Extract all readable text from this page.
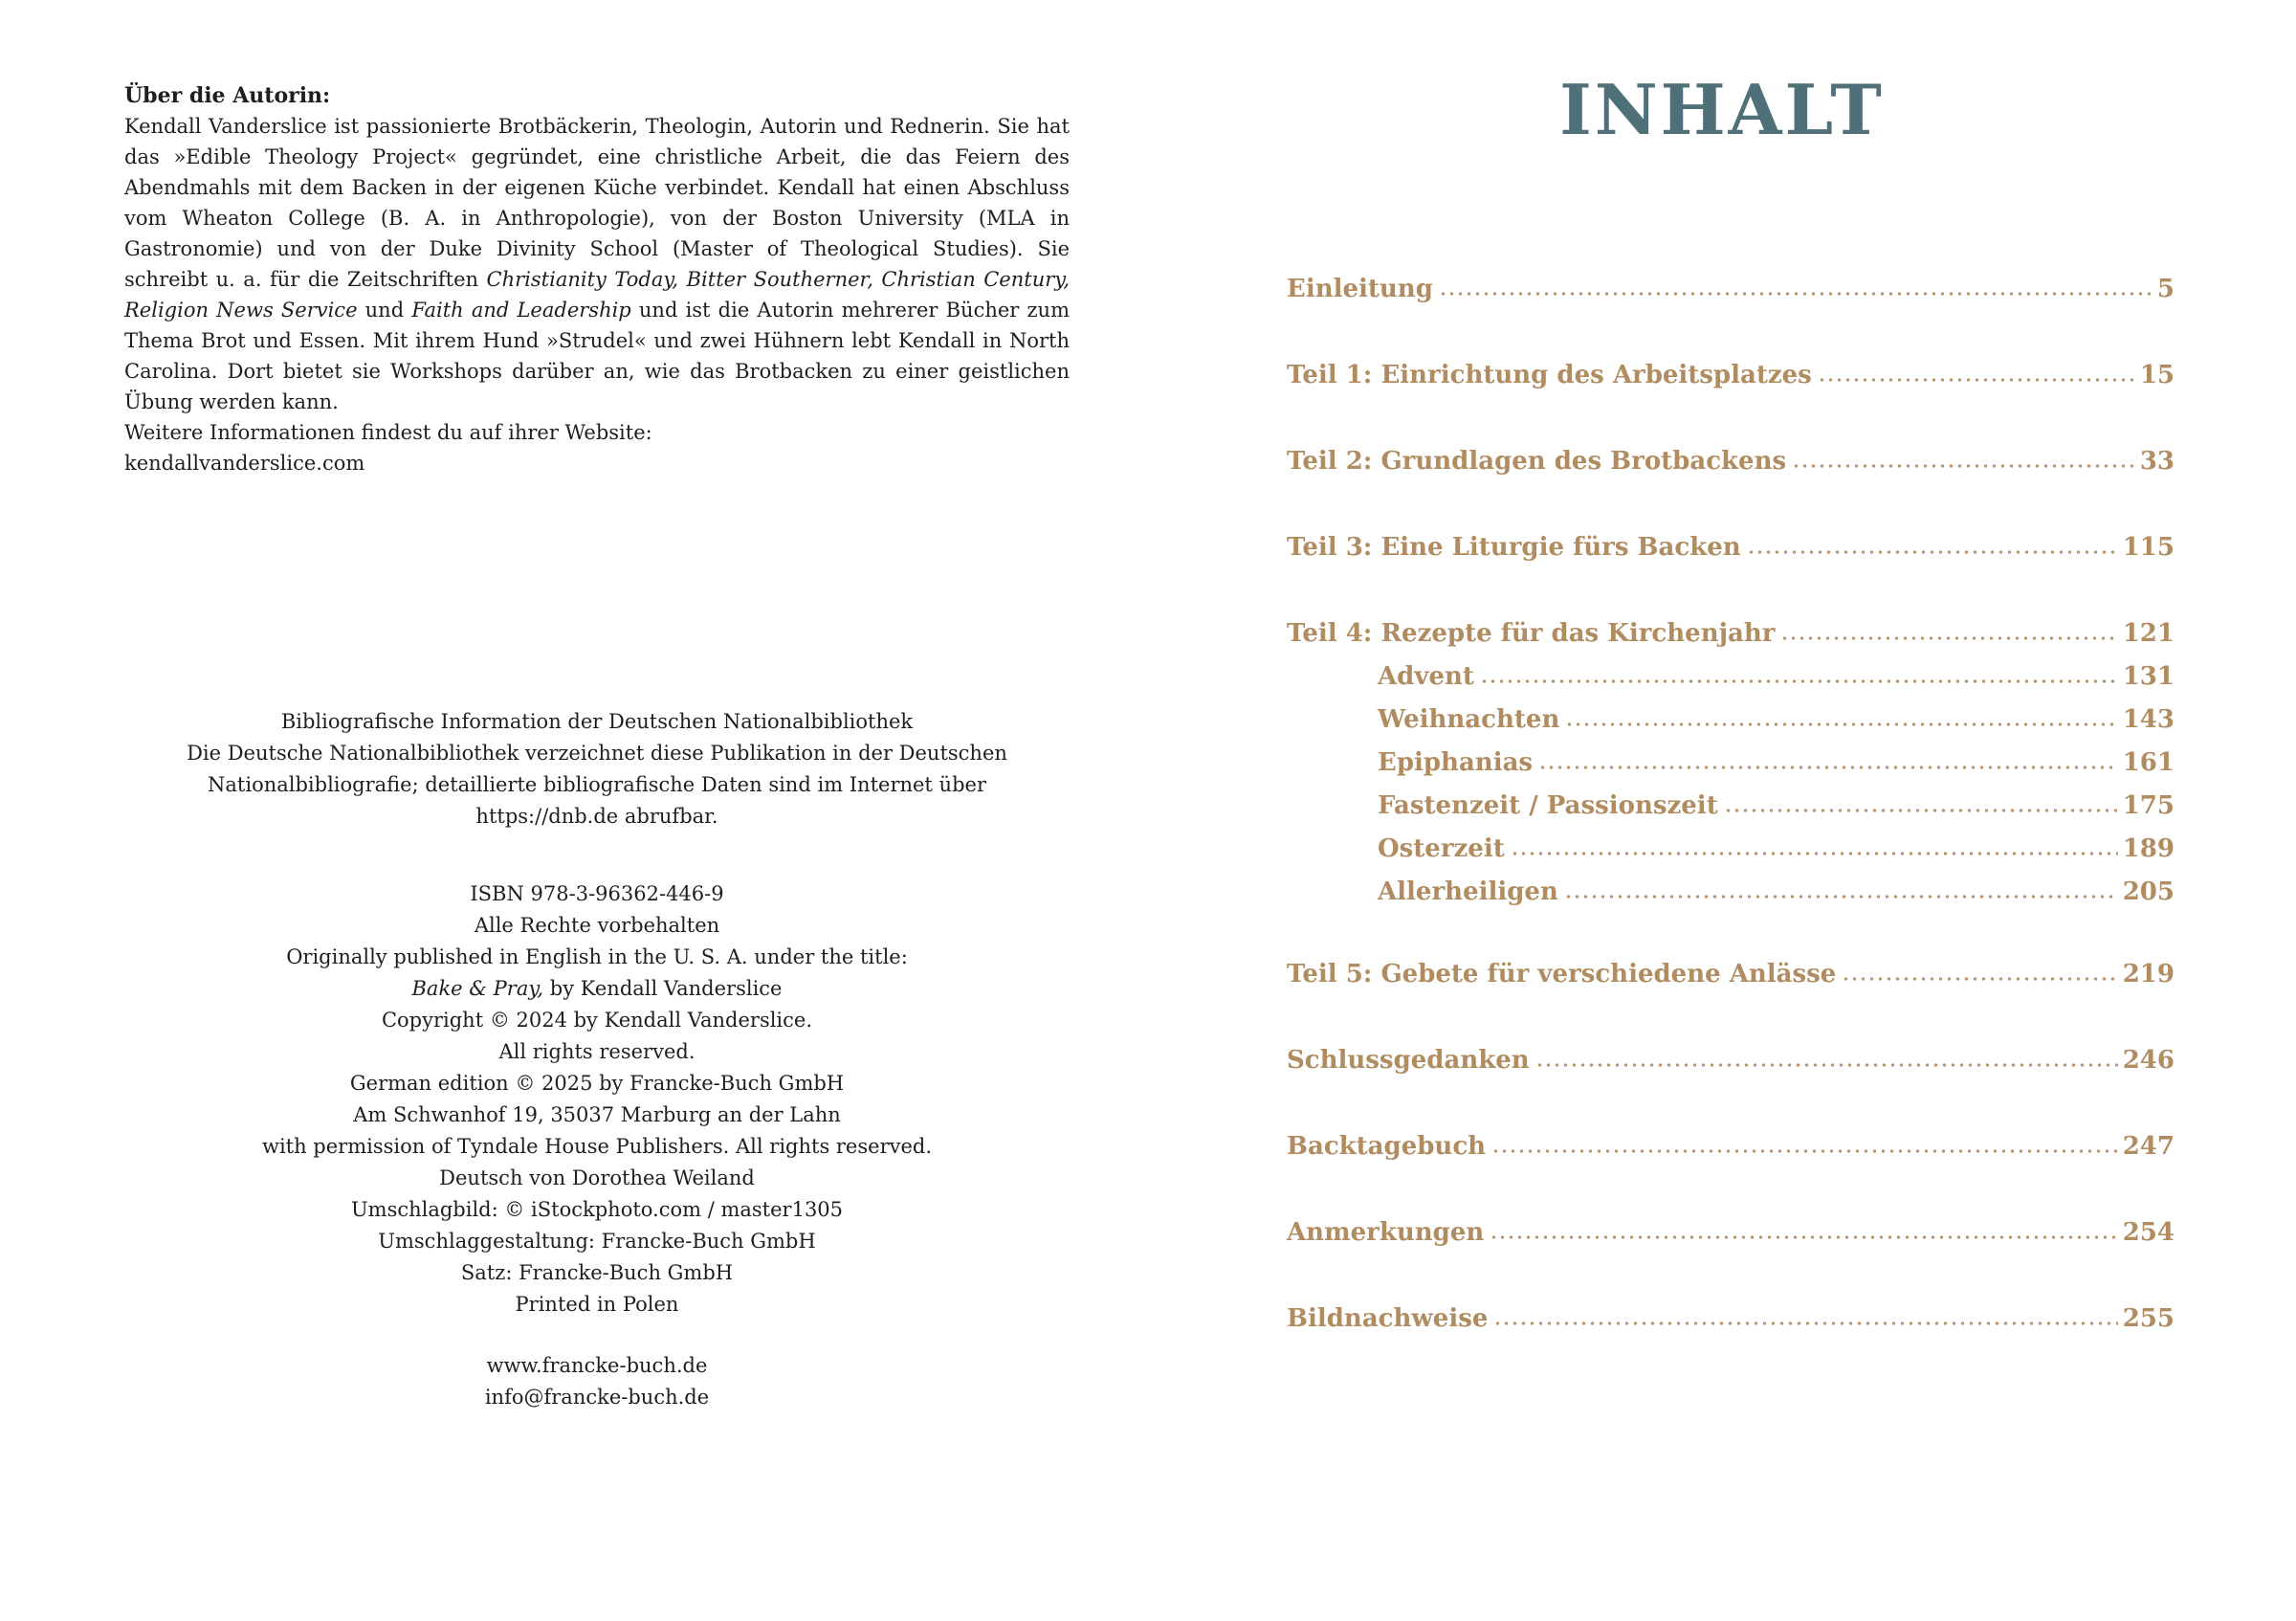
Über die Autorin:
Kendall Vanderslice ist passionierte Brotbäckerin, Theologin, Autorin und Rednerin. Sie hat das »Edible Theology Project« gegründet, eine christliche Arbeit, die das Feiern des Abendmahls mit dem Backen in der eigenen Küche verbindet. Kendall hat einen Abschluss vom Wheaton College (B. A. in Anthropologie), von der Boston University (MLA in Gastronomie) und von der Duke Divinity School (Master of Theological Studies). Sie schreibt u. a. für die Zeitschriften Christianity Today, Bitter Southerner, Christian Century, Religion News Service und Faith and Leadership und ist die Autorin mehrerer Bücher zum Thema Brot und Essen. Mit ihrem Hund »Strudel« und zwei Hühnern lebt Kendall in North Carolina. Dort bietet sie Workshops darüber an, wie das Brotbacken zu einer geistlichen Übung werden kann.
Weitere Informationen findest du auf ihrer Website:
kendallvanderslice.com
Bibliografische Information der Deutschen Nationalbibliothek
Die Deutsche Nationalbibliothek verzeichnet diese Publikation in der Deutschen
Nationalbibliografie; detaillierte bibliografische Daten sind im Internet über
https://dnb.de abrufbar.
ISBN 978-3-96362-446-9
Alle Rechte vorbehalten
Originally published in English in the U. S. A. under the title:
Bake & Pray, by Kendall Vanderslice
Copyright © 2024 by Kendall Vanderslice.
All rights reserved.
German edition © 2025 by Francke-Buch GmbH
Am Schwanhof 19, 35037 Marburg an der Lahn
with permission of Tyndale House Publishers. All rights reserved.
Deutsch von Dorothea Weiland
Umschlagbild: © iStockphoto.com / master1305
Umschlaggestaltung: Francke-Buch GmbH
Satz: Francke-Buch GmbH
Printed in Polen
www.francke-buch.de
info@francke-buch.de
INHALT
Einleitung	5
Teil 1: Einrichtung des Arbeitsplatzes	15
Teil 2: Grundlagen des Brotbackens	33
Teil 3: Eine Liturgie fürs Backen	115
Teil 4: Rezepte für das Kirchenjahr	121
Advent	131
Weihnachten	143
Epiphanias	161
Fastenzeit / Passionszeit	175
Osterzeit	189
Allerheiligen	205
Teil 5: Gebete für verschiedene Anlässe	219
Schlussgedanken	246
Backtagebuch	247
Anmerkungen	254
Bildnachweise	255
